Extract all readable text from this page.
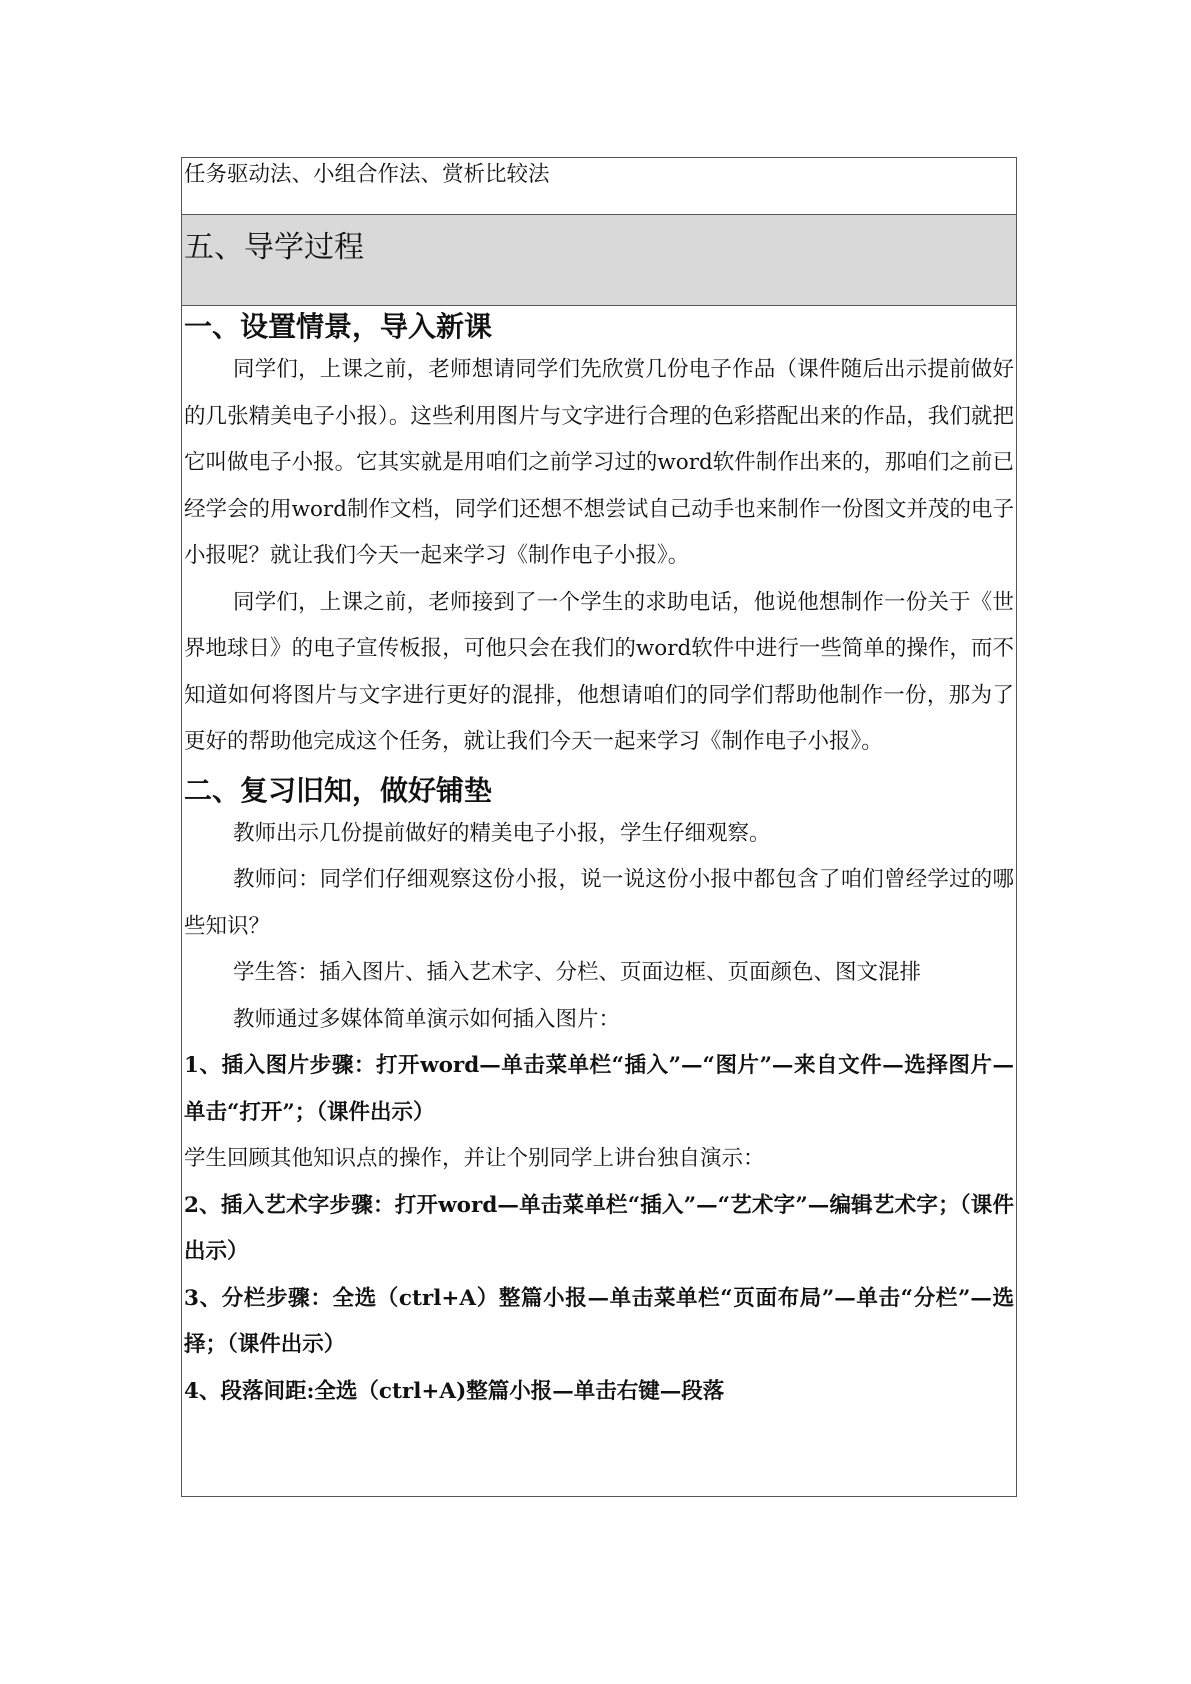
任务驱动法、小组合作法、赏析比较法
五、导学过程

一、设置情景，导入新课

同学们，上课之前，老师想请同学们先欣赏几份电子作品（课件随后出示提前做好的几张精美电子小报）。这些利用图片与文字进行合理的色彩搭配出来的作品，我们就把它叫做电子小报。它其实就是用咱们之前学习过的word软件制作出来的，那咱们之前已经学会的用word制作文档，同学们还想不想尝试自己动手也来制作一份图文并茂的电子小报呢？就让我们今天一起来学习《制作电子小报》。

同学们，上课之前，老师接到了一个学生的求助电话，他说他想制作一份关于《世界地球日》的电子宣传板报，可他只会在我们的word软件中进行一些简单的操作，而不知道如何将图片与文字进行更好的混排，他想请咱们的同学们帮助他制作一份，那为了更好的帮助他完成这个任务，就让我们今天一起来学习《制作电子小报》。

二、复习旧知，做好铺垫

教师出示几份提前做好的精美电子小报，学生仔细观察。

教师问：同学们仔细观察这份小报，说一说这份小报中都包含了咱们曾经学过的哪些知识？

学生答：插入图片、插入艺术字、分栏、页面边框、页面颜色、图文混排

教师通过多媒体简单演示如何插入图片：

1、插入图片步骤：打开word—单击菜单栏“插入”—“图片”—来自文件—选择图片—单击“打开”；（课件出示）

学生回顾其他知识点的操作，并让个别同学上讲台独自演示：

2、插入艺术字步骤：打开word—单击菜单栏“插入”—“艺术字”—编辑艺术字；（课件出示）

3、分栏步骤：全选（ctrl+A）整篇小报—单击菜单栏“页面布局”—单击“分栏”—选择；（课件出示）

4、段落间距:全选（ctrl+A)整篇小报—单击右键—段落
